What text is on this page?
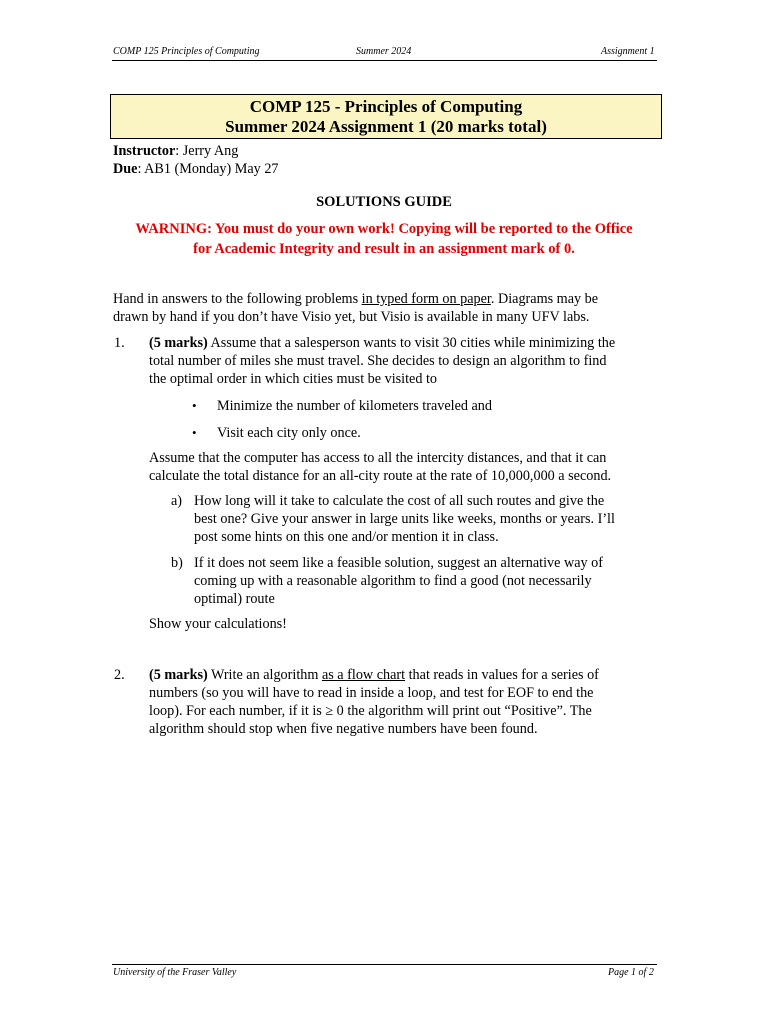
COMP 125 Principles of Computing	Summer 2024	Assignment 1
COMP 125 - Principles of Computing
Summer 2024 Assignment 1 (20 marks total)
Instructor: Jerry Ang
Due: AB1 (Monday) May 27
SOLUTIONS GUIDE
WARNING: You must do your own work! Copying will be reported to the Office
for Academic Integrity and result in an assignment mark of 0.
Hand in answers to the following problems in typed form on paper. Diagrams may be
drawn by hand if you don’t have Visio yet, but Visio is available in many UFV labs.
1. (5 marks) Assume that a salesperson wants to visit 30 cities while minimizing the
total number of miles she must travel. She decides to design an algorithm to find
the optimal order in which cities must be visited to
• Minimize the number of kilometers traveled and
• Visit each city only once.
Assume that the computer has access to all the intercity distances, and that it can
calculate the total distance for an all-city route at the rate of 10,000,000 a second.
a) How long will it take to calculate the cost of all such routes and give the
best one? Give your answer in large units like weeks, months or years. I’ll
post some hints on this one and/or mention it in class.
b) If it does not seem like a feasible solution, suggest an alternative way of
coming up with a reasonable algorithm to find a good (not necessarily
optimal) route
Show your calculations!
2. (5 marks) Write an algorithm as a flow chart that reads in values for a series of
numbers (so you will have to read in inside a loop, and test for EOF to end the
loop). For each number, if it is ≥ 0 the algorithm will print out “Positive”. The
algorithm should stop when five negative numbers have been found.
University of the Fraser Valley	Page 1 of 2
